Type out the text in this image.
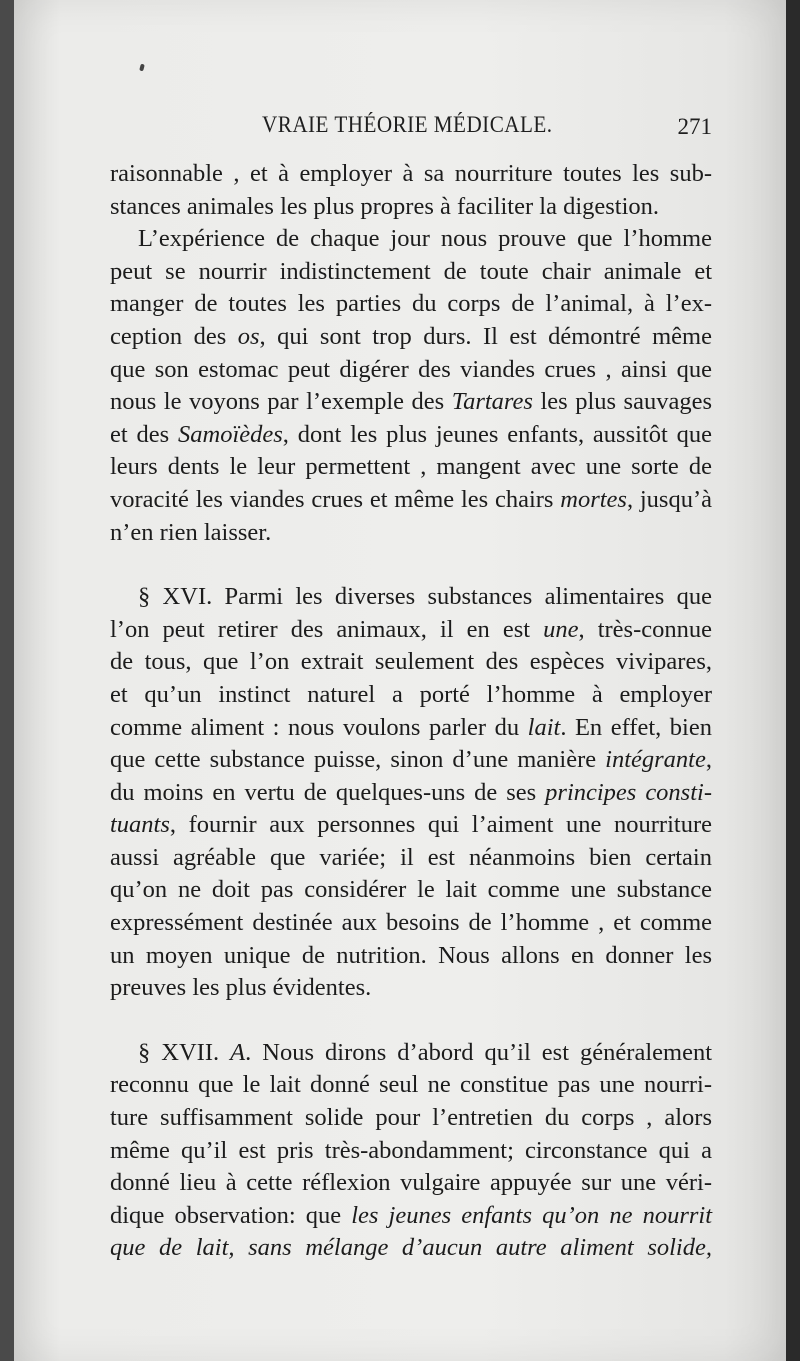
VRAIE THÉORIE MÉDICALE.	271
raisonnable , et à employer à sa nourriture toutes les sub-
stances animales les plus propres à faciliter la digestion.
L’expérience de chaque jour nous prouve que l’homme
peut se nourrir indistinctement de toute chair animale et
manger de toutes les parties du corps de l’animal, à l’ex-
ception des os, qui sont trop durs. Il est démontré même
que son estomac peut digérer des viandes crues , ainsi que
nous le voyons par l’exemple des Tartares les plus sauvages
et des Samoïèdes, dont les plus jeunes enfants, aussitôt que
leurs dents le leur permettent , mangent avec une sorte de
voracité les viandes crues et même les chairs mortes, jusqu’à
n’en rien laisser.
§ XVI. Parmi les diverses substances alimentaires que
l’on peut retirer des animaux, il en est une, très-connue
de tous, que l’on extrait seulement des espèces vivipares,
et qu’un instinct naturel a porté l’homme à employer
comme aliment : nous voulons parler du lait. En effet, bien
que cette substance puisse, sinon d’une manière intégrante,
du moins en vertu de quelques-uns de ses principes consti-
tuants, fournir aux personnes qui l’aiment une nourriture
aussi agréable que variée; il est néanmoins bien certain
qu’on ne doit pas considérer le lait comme une substance
expressément destinée aux besoins de l’homme , et comme
un moyen unique de nutrition. Nous allons en donner les
preuves les plus évidentes.
§ XVII. A. Nous dirons d’abord qu’il est généralement
reconnu que le lait donné seul ne constitue pas une nourri-
ture suffisamment solide pour l’entretien du corps , alors
même qu’il est pris très-abondamment; circonstance qui a
donné lieu à cette réflexion vulgaire appuyée sur une véri-
dique observation: que les jeunes enfants qu’on ne nourrit
que de lait, sans mélange d’aucun autre aliment solide,
